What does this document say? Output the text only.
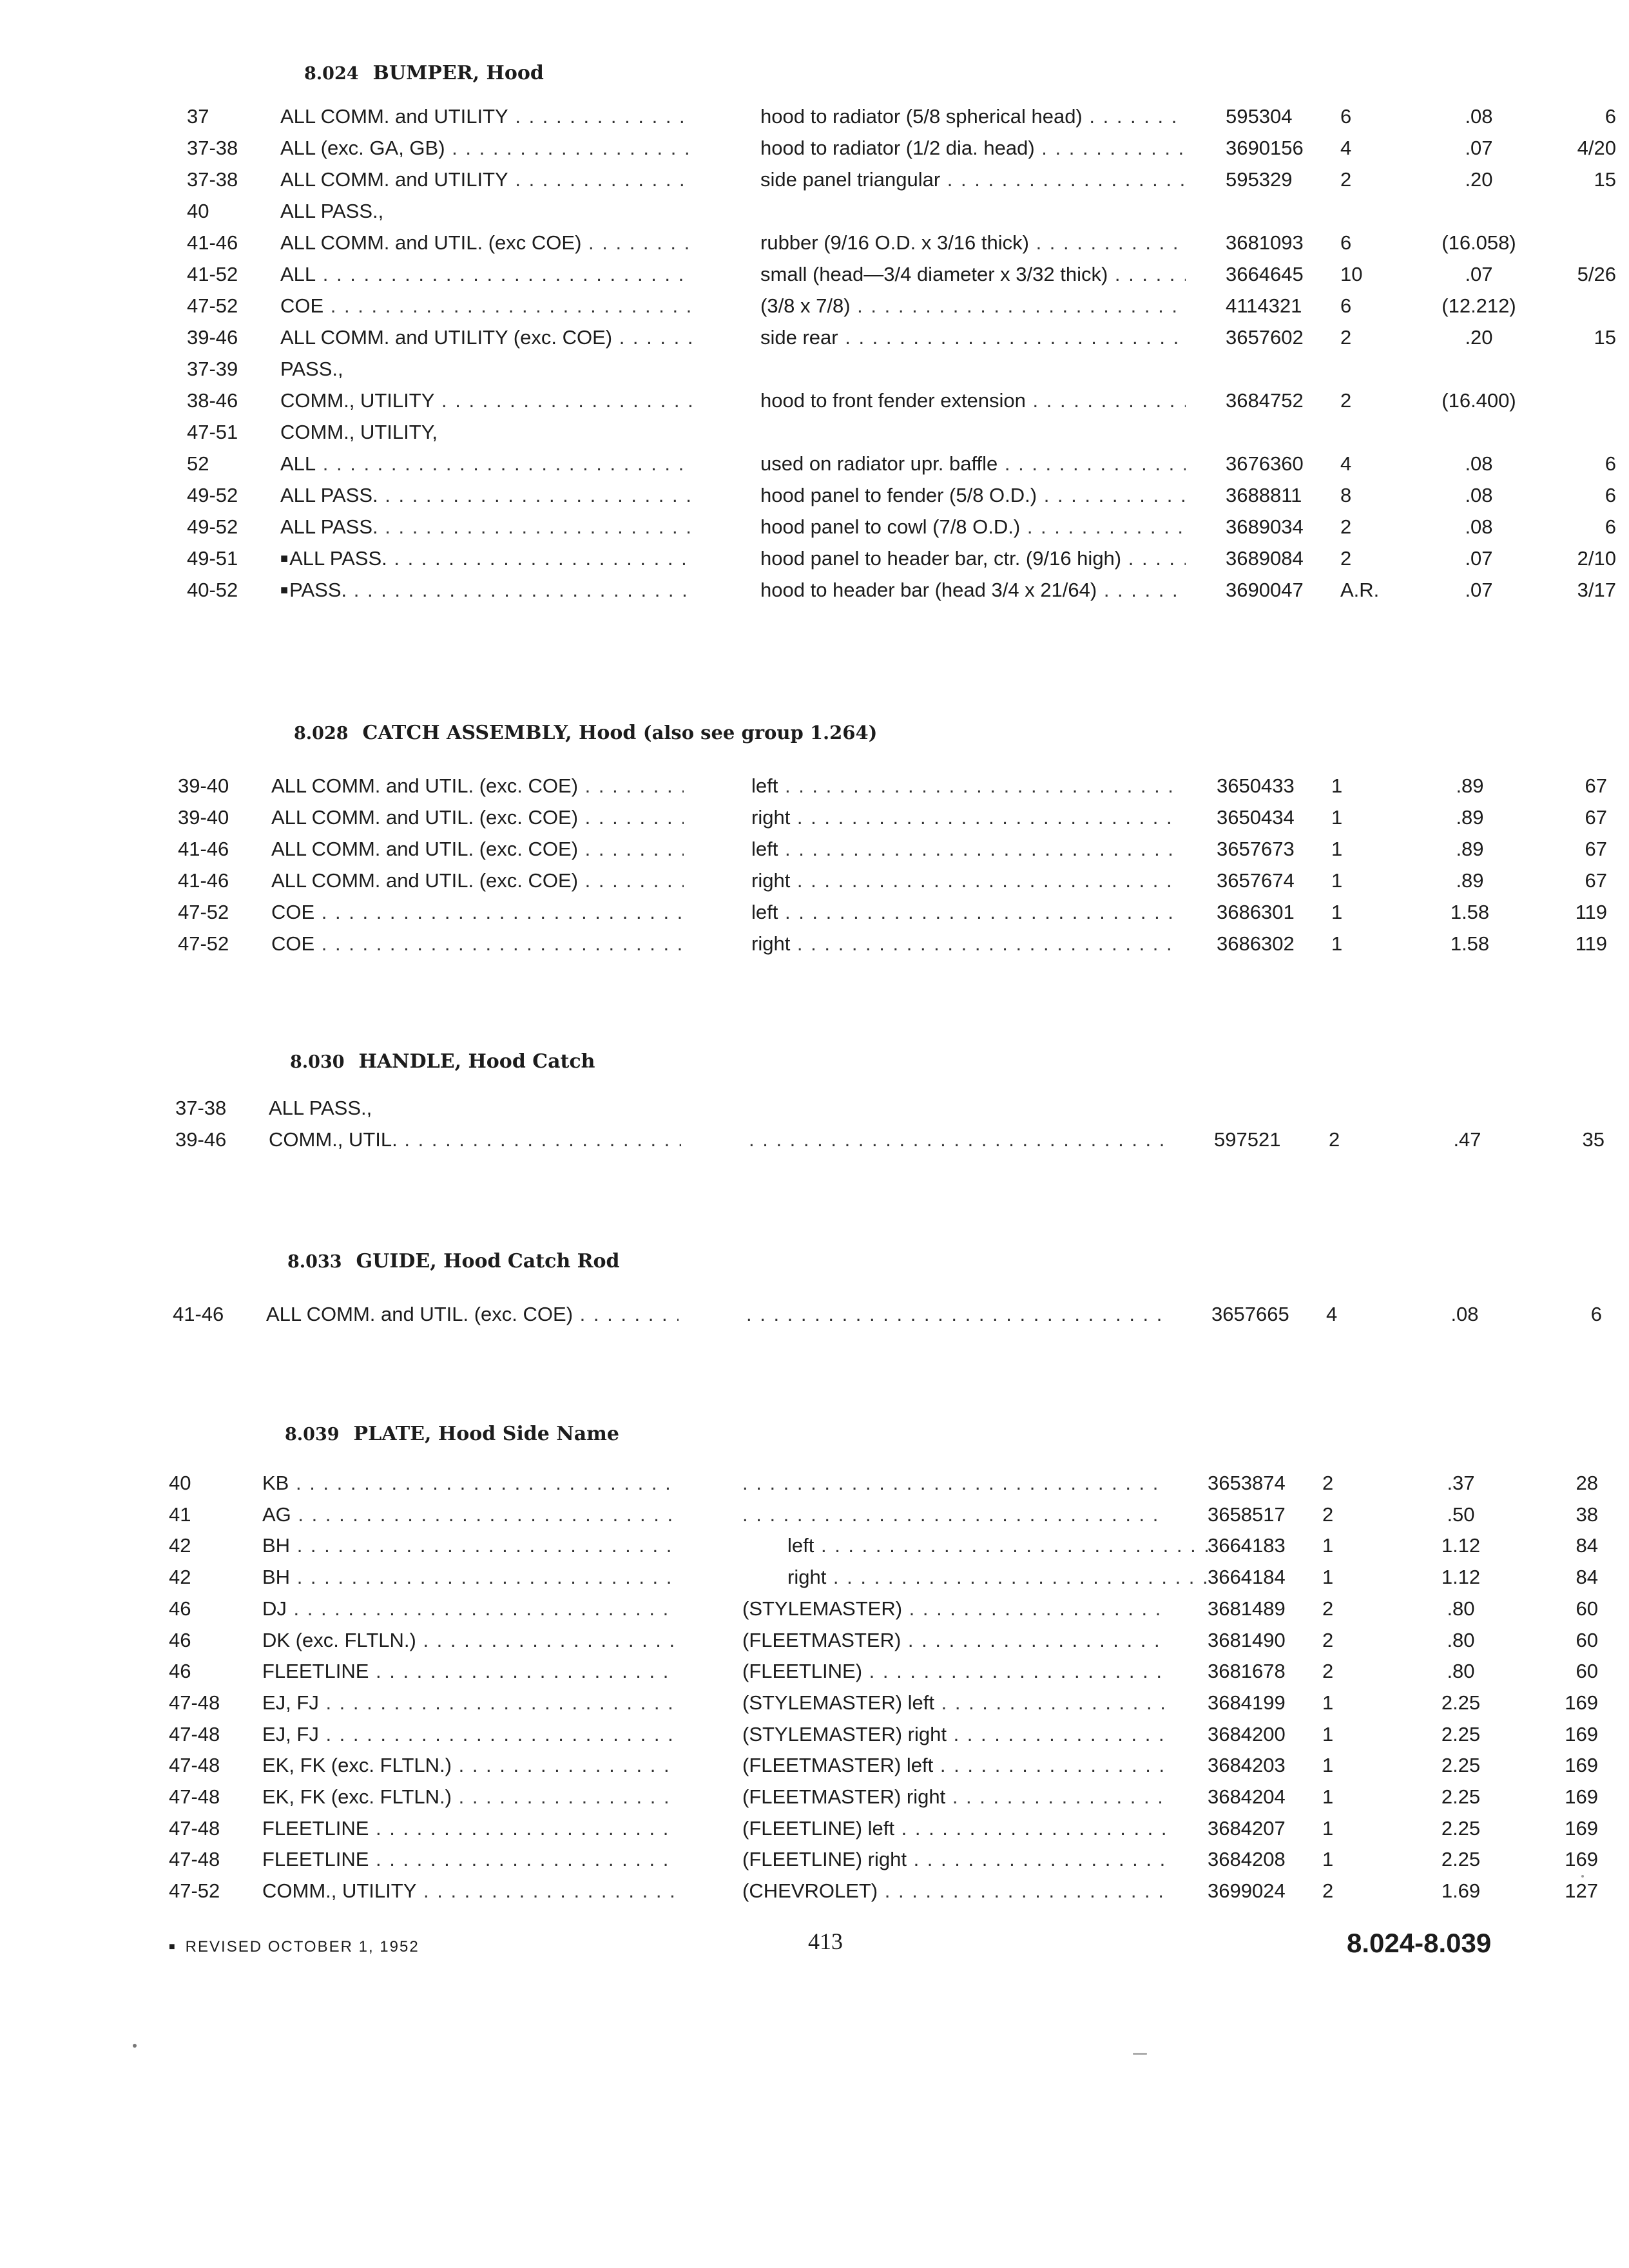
8.024 BUMPER, Hood
37	ALL COMM. and UTILITY . . .	hood to radiator (5/8 spherical head) . . .	595304	6	.08	6
37-38	ALL (exc. GA, GB) . . .	hood to radiator (1/2 dia. head) . . .	3690156	4	.07	4/20
37-38	ALL COMM. and UTILITY . . .	side panel triangular . . .	595329	2	.20	15
40	ALL PASS.,
41-46	ALL COMM. and UTIL. (exc COE) . . .	rubber (9/16 O.D. x 3/16 thick) . . .	3681093	6	(16.058)
41-52	ALL . . .	small (head—3/4 diameter x 3/32 thick) . . .	3664645	10	.07	5/26
47-52	COE . . .	(3/8 x 7/8) . . .	4114321	6	(12.212)
39-46	ALL COMM. and UTILITY (exc. COE) . . .	side rear . . .	3657602	2	.20	15
37-39	PASS.,
38-46	COMM., UTILITY . . .	hood to front fender extension . . .	3684752	2	(16.400)
47-51	COMM., UTILITY,
52	ALL . . .	used on radiator upr. baffle . . .	3676360	4	.08	6
49-52	ALL PASS. . . .	hood panel to fender (5/8 O.D.) . . .	3688811	8	.08	6
49-52	ALL PASS. . . .	hood panel to cowl (7/8 O.D.) . . .	3689034	2	.08	6
49-51	■ALL PASS. . . .	hood panel to header bar, ctr. (9/16 high) . . .	3689084	2	.07	2/10
40-52	■PASS. . . .	hood to header bar (head 3/4 x 21/64) . . .	3690047	A.R.	.07	3/17
8.028 CATCH ASSEMBLY, Hood (also see group 1.264)
39-40	ALL COMM. and UTIL. (exc. COE) . . .	left . . .	3650433	1	.89	67
39-40	ALL COMM. and UTIL. (exc. COE) . . .	right . . .	3650434	1	.89	67
41-46	ALL COMM. and UTIL. (exc. COE) . . .	left . . .	3657673	1	.89	67
41-46	ALL COMM. and UTIL. (exc. COE) . . .	right . . .	3657674	1	.89	67
47-52	COE . . .	left . . .	3686301	1	1.58	119
47-52	COE . . .	right . . .	3686302	1	1.58	119
8.030 HANDLE, Hood Catch
37-38	ALL PASS.,
39-46	COMM., UTIL. . . . . . .	597521	2	.47	35
8.033 GUIDE, Hood Catch Rod
41-46	ALL COMM. and UTIL. (exc. COE) . . . . . .	3657665	4	.08	6
8.039 PLATE, Hood Side Name
40	KB . . . . . .	3653874	2	.37	28
41	AG . . . . . .	3658517	2	.50	38
42	BH . . .	left . . .	3664183	1	1.12	84
42	BH . . .	right . . .	3664184	1	1.12	84
46	DJ . . .	(STYLEMASTER) . . .	3681489	2	.80	60
46	DK (exc. FLTLN.) . . .	(FLEETMASTER) . . .	3681490	2	.80	60
46	FLEETLINE . . .	(FLEETLINE) . . .	3681678	2	.80	60
47-48	EJ, FJ . . .	(STYLEMASTER) left . . .	3684199	1	2.25	169
47-48	EJ, FJ . . .	(STYLEMASTER) right . . .	3684200	1	2.25	169
47-48	EK, FK (exc. FLTLN.) . . .	(FLEETMASTER) left . . .	3684203	1	2.25	169
47-48	EK, FK (exc. FLTLN.) . . .	(FLEETMASTER) right . . .	3684204	1	2.25	169
47-48	FLEETLINE . . .	(FLEETLINE) left . . .	3684207	1	2.25	169
47-48	FLEETLINE . . .	(FLEETLINE) right . . .	3684208	1	2.25	169
47-52	COMM., UTILITY . . .	(CHEVROLET) . . .	3699024	2	1.69	127
■ REVISED OCTOBER 1, 1952	413	8.024-8.039
